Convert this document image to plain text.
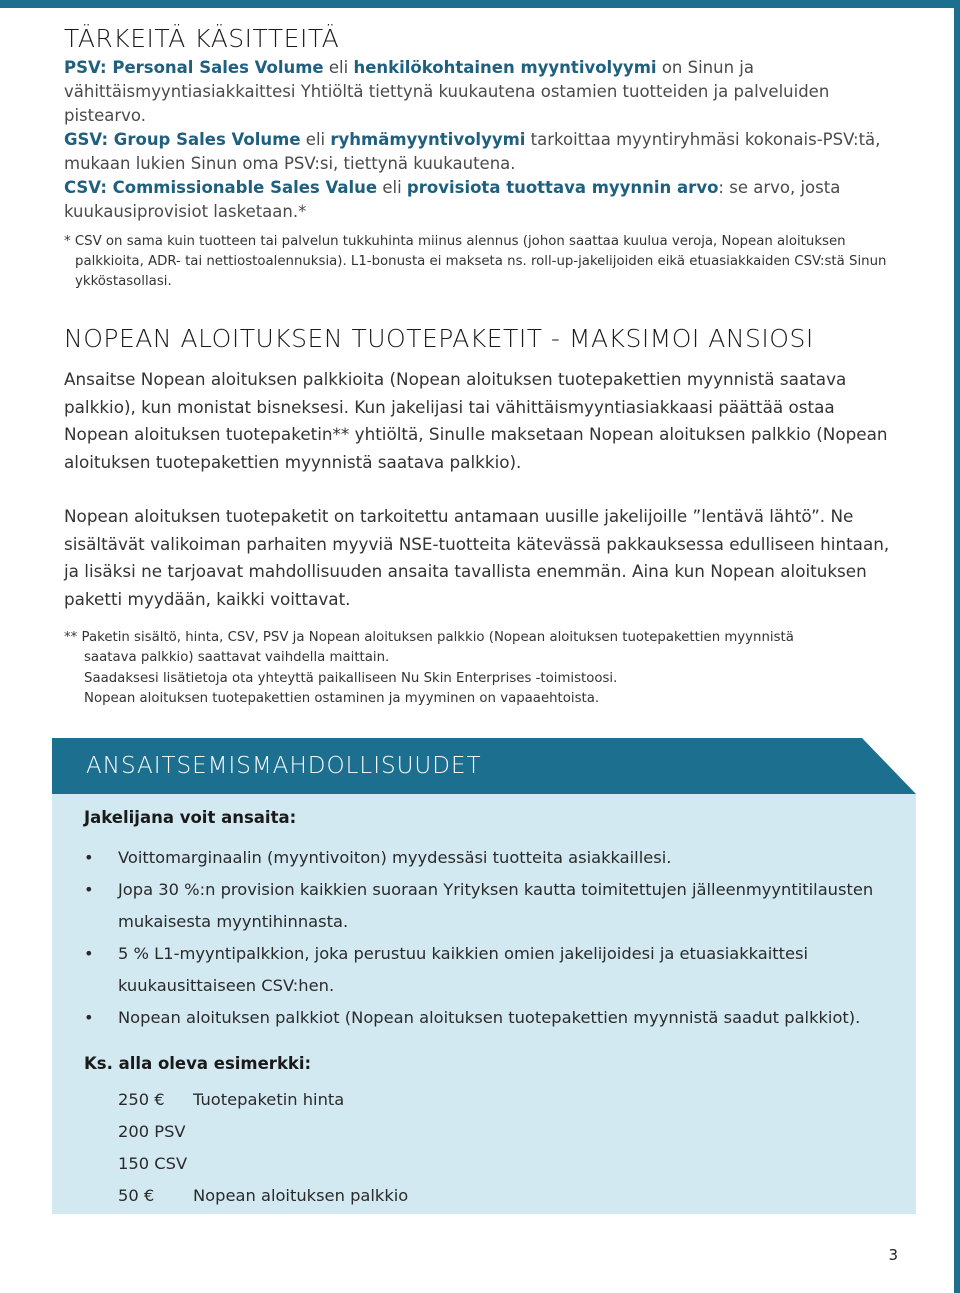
TÄRKEITÄ KÄSITTEITÄ

PSV: Personal Sales Volume eli henkilökohtainen myyntivolyymi on Sinun ja vähittäismyyntiasiakkaittesi Yhtiöltä tiettynä kuukautena ostamien tuotteiden ja palveluiden pistearvo.

GSV: Group Sales Volume eli ryhmämyyntivolyymi tarkoittaa myyntiryhmäsi kokonais-PSV:tä, mukaan lukien Sinun oma PSV:si, tiettynä kuukautena.

CSV: Commissionable Sales Value eli provisiota tuottava myynnin arvo: se arvo, josta kuukausiprovisiot lasketaan.*

* CSV on sama kuin tuotteen tai palvelun tukkuhinta miinus alennus (johon saattaa kuulua veroja, Nopean aloituksen
palkkioita, ADR- tai nettiostoalennuksia). L1-bonusta ei makseta ns. roll-up-jakelijoiden eikä etuasiakkaiden CSV:stä Sinun ykköstasollasi.
NOPEAN ALOITUKSEN TUOTEPAKETIT - MAKSIMOI ANSIOSI

Ansaitse Nopean aloituksen palkkioita (Nopean aloituksen tuotepakettien myynnistä saatava palkkio), kun monistat bisneksesi. Kun jakelijasi tai vähittäismyyntiasiakkaasi päättää ostaa Nopean aloituksen tuotepaketin** yhtiöltä, Sinulle maksetaan Nopean aloituksen palkkio (Nopean aloituksen tuotepakettien myynnistä saatava palkkio).

Nopean aloituksen tuotepaketit on tarkoitettu antamaan uusille jakelijoille ”lentävä lähtö”. Ne sisältävät valikoiman parhaiten myyviä NSE-tuotteita kätevässä pakkauksessa edulliseen hintaan, ja lisäksi ne tarjoavat mahdollisuuden ansaita tavallista enemmän. Aina kun Nopean aloituksen paketti myydään, kaikki voittavat.

** Paketin sisältö, hinta, CSV, PSV ja Nopean aloituksen palkkio (Nopean aloituksen tuotepakettien myynnistä
saatava palkkio) saattavat vaihdella maittain.
Saadaksesi lisätietoja ota yhteyttä paikalliseen Nu Skin Enterprises -toimistoosi.
Nopean aloituksen tuotepakettien ostaminen ja myyminen on vapaaehtoista.
ANSAITSEMISMAHDOLLISUUDET

Jakelijana voit ansaita:

• Voittomarginaalin (myyntivoiton) myydessäsi tuotteita asiakkaillesi.
• Jopa 30 %:n provision kaikkien suoraan Yrityksen kautta toimitettujen jälleenmyyntitilausten mukaisesta myyntihinnasta.
• 5 % L1-myyntipalkkion, joka perustuu kaikkien omien jakelijoidesi ja etuasiakkaittesi kuukausittaiseen CSV:hen.
• Nopean aloituksen palkkiot (Nopean aloituksen tuotepakettien myynnistä saadut palkkiot).

Ks. alla oleva esimerkki:

250 € Tuotepaketin hinta
200 PSV
150 CSV
50 € Nopean aloituksen palkkio
3
